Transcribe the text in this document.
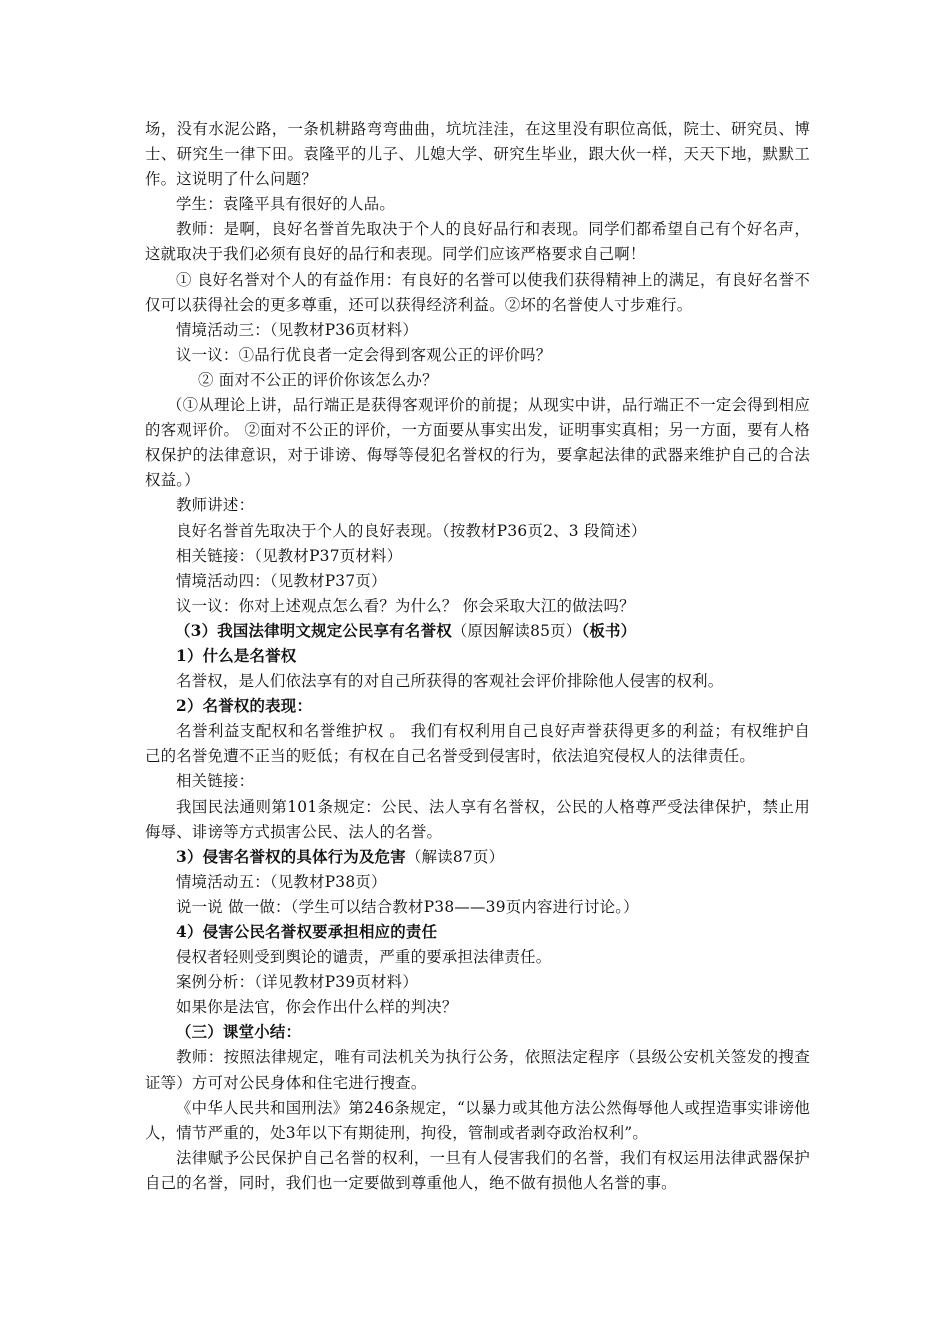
场，没有水泥公路，一条机耕路弯弯曲曲，坑坑洼洼，在这里没有职位高低，院士、研究员、博士、研究生一律下田。袁隆平的儿子、儿媳大学、研究生毕业，跟大伙一样，天天下地，默默工作。这说明了什么问题？

学生：袁隆平具有很好的人品。

教师：是啊，良好名誉首先取决于个人的良好品行和表现。同学们都希望自己有个好名声，这就取决于我们必须有良好的品行和表现。同学们应该严格要求自己啊！

① 良好名誉对个人的有益作用：有良好的名誉可以使我们获得精神上的满足，有良好名誉不仅可以获得社会的更多尊重，还可以获得经济利益。②坏的名誉使人寸步难行。

情境活动三：（见教材P36页材料）

议一议：①品行优良者一定会得到客观公正的评价吗？

② 面对不公正的评价你该怎么办？

（①从理论上讲，品行端正是获得客观评价的前提；从现实中讲，品行端正不一定会得到相应的客观评价。 ②面对不公正的评价，一方面要从事实出发，证明事实真相；另一方面，要有人格权保护的法律意识，对于诽谤、侮辱等侵犯名誉权的行为，要拿起法律的武器来维护自己的合法权益。）

教师讲述：

良好名誉首先取决于个人的良好表现。（按教材P36页2、3 段简述）

相关链接：（见教材P37页材料）

情境活动四：（见教材P37页）

议一议：你对上述观点怎么看？为什么？ 你会采取大江的做法吗？

（3）我国法律明文规定公民享有名誉权（原因解读85页）（板书）

1）什么是名誉权

名誉权，是人们依法享有的对自己所获得的客观社会评价排除他人侵害的权利。

2）名誉权的表现：

名誉利益支配权和名誉维护权 。 我们有权利用自己良好声誉获得更多的利益；有权维护自己的名誉免遭不正当的贬低；有权在自己名誉受到侵害时，依法追究侵权人的法律责任。

相关链接：

我国民法通则第101条规定：公民、法人享有名誉权，公民的人格尊严受法律保护，禁止用侮辱、诽谤等方式损害公民、法人的名誉。

3）侵害名誉权的具体行为及危害（解读87页）

情境活动五：（见教材P38页）

说一说 做一做：（学生可以结合教材P38——39页内容进行讨论。）

4）侵害公民名誉权要承担相应的责任

侵权者轻则受到舆论的谴责，严重的要承担法律责任。

案例分析：（详见教材P39页材料）

如果你是法官，你会作出什么样的判决？

（三）课堂小结：

教师：按照法律规定，唯有司法机关为执行公务，依照法定程序（县级公安机关签发的搜查证等）方可对公民身体和住宅进行搜查。

《中华人民共和国刑法》第246条规定，“以暴力或其他方法公然侮辱他人或捏造事实诽谤他人，情节严重的，处3年以下有期徒刑，拘役，管制或者剥夺政治权利”。

法律赋予公民保护自己名誉的权利，一旦有人侵害我们的名誉，我们有权运用法律武器保护自己的名誉，同时，我们也一定要做到尊重他人，绝不做有损他人名誉的事。
